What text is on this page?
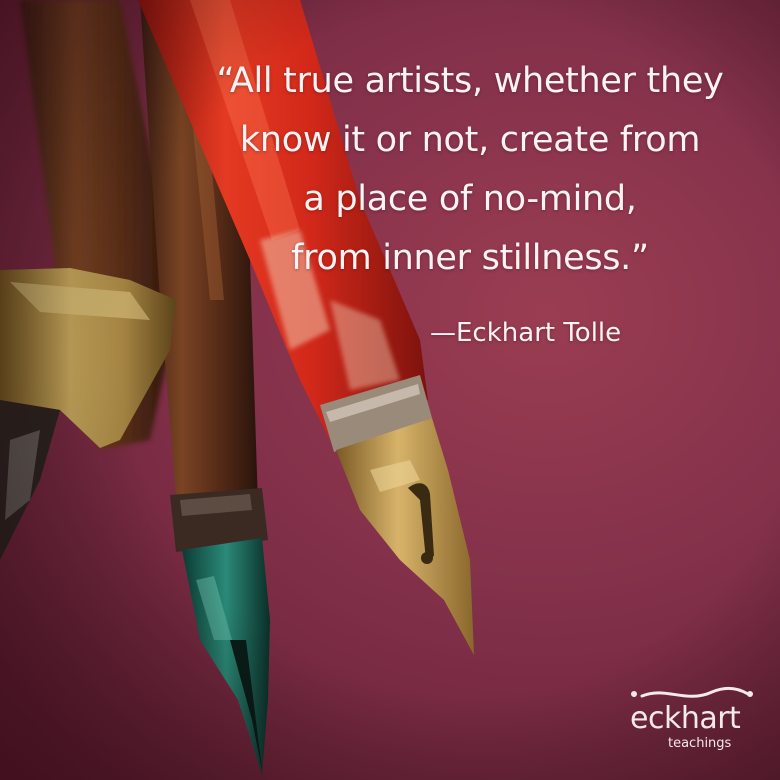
“All true artists, whether they
know it or not, create from
a place of no-mind,
from inner stillness.”
—Eckhart Tolle
eckhart
teachings
